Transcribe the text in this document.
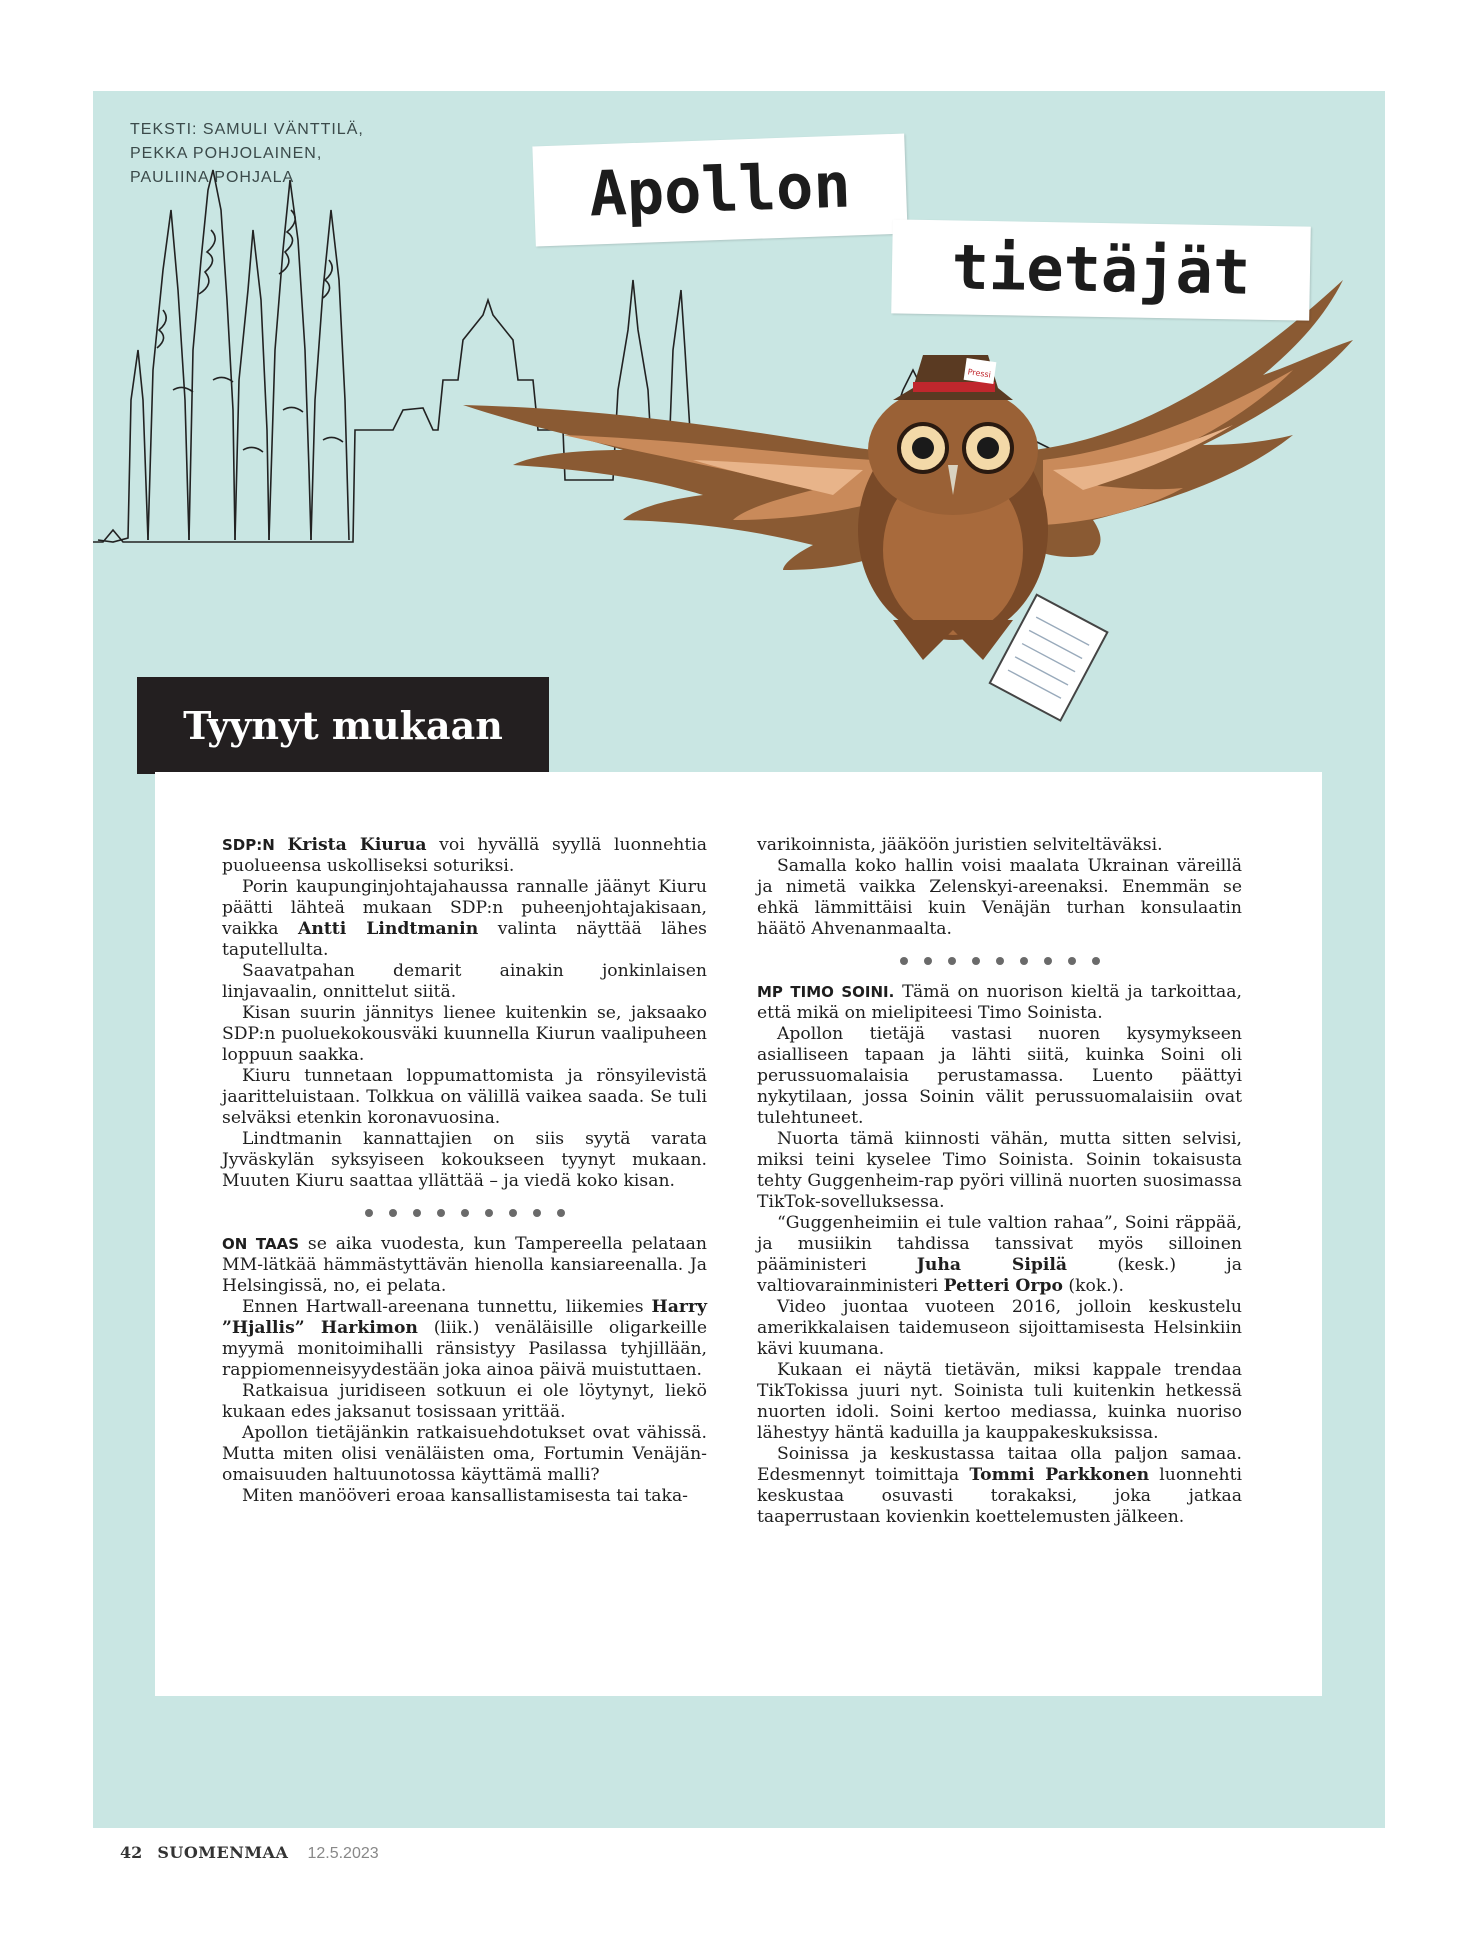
TEKSTI: SAMULI VÄNTTILÄ,
PEKKA POHJOLAINEN,
PAULIINA POHJALA
Pressi
Apollon
tietäjät
Tyynyt mukaan

SDP:N Krista Kiurua voi hyvällä syyllä luonnehtia puolueensa uskolliseksi soturiksi.

Porin kaupunginjohtajahaussa rannalle jäänyt Kiuru päätti lähteä mukaan SDP:n puheenjohtajakisaan, vaikka Antti Lindtmanin valinta näyttää lähes taputellulta.

Saavatpahan demarit ainakin jonkinlaisen linjavaalin, onnittelut siitä.

Kisan suurin jännitys lienee kuitenkin se, jaksaako SDP:n puoluekokousväki kuunnella Kiurun vaalipuheen loppuun saakka.

Kiuru tunnetaan loppumattomista ja rönsyilevistä jaaritteluistaan. Tolkkua on välillä vaikea saada. Se tuli selväksi etenkin koronavuosina.

Lindtmanin kannattajien on siis syytä varata Jyväskylän syksyiseen kokoukseen tyynyt mukaan. Muuten Kiuru saattaa yllättää – ja viedä koko kisan.

ON TAAS se aika vuodesta, kun Tampereella pelataan MM-lätkää hämmästyttävän hienolla kansiareenalla. Ja Helsingissä, no, ei pelata.

Ennen Hartwall-areenana tunnettu, liikemies Harry ”Hjallis” Harkimon (liik.) venäläisille oligarkeille myymä monitoimihalli ränsistyy Pasilassa tyhjillään, rappiomenneisyydestään joka ainoa päivä muistuttaen.

Ratkaisua juridiseen sotkuun ei ole löytynyt, liekö kukaan edes jaksanut tosissaan yrittää.

Apollon tietäjänkin ratkaisuehdotukset ovat vähissä. Mutta miten olisi venäläisten oma, Fortumin Venäjän-omaisuuden haltuunotossa käyttämä malli?

Miten manööveri eroaa kansallistamisesta tai taka-

varikoinnista, jääköön juristien selviteltäväksi.

Samalla koko hallin voisi maalata Ukrainan väreillä ja nimetä vaikka Zelenskyi-areenaksi. Enemmän se ehkä lämmittäisi kuin Venäjän turhan konsulaatin häätö Ahvenanmaalta.

MP TIMO SOINI. Tämä on nuorison kieltä ja tarkoittaa, että mikä on mielipiteesi Timo Soinista.

Apollon tietäjä vastasi nuoren kysymykseen asialliseen tapaan ja lähti siitä, kuinka Soini oli perussuomalaisia perustamassa. Luento päättyi nykytilaan, jossa Soinin välit perussuomalaisiin ovat tulehtuneet.

Nuorta tämä kiinnosti vähän, mutta sitten selvisi, miksi teini kyselee Timo Soinista. Soinin tokaisusta tehty Guggenheim-rap pyöri villinä nuorten suosimassa TikTok-sovelluksessa.

“Guggenheimiin ei tule valtion rahaa”, Soini räppää, ja musiikin tahdissa tanssivat myös silloinen pääministeri Juha Sipilä (kesk.) ja valtiovarainministeri Petteri Orpo (kok.).

Video juontaa vuoteen 2016, jolloin keskustelu amerikkalaisen taidemuseon sijoittamisesta Helsinkiin kävi kuumana.

Kukaan ei näytä tietävän, miksi kappale trendaa TikTokissa juuri nyt. Soinista tuli kuitenkin hetkessä nuorten idoli. Soini kertoo mediassa, kuinka nuoriso lähestyy häntä kaduilla ja kauppakeskuksissa.

Soinissa ja keskustassa taitaa olla paljon samaa. Edesmennyt toimittaja Tommi Parkkonen luonnehti keskustaa osuvasti torakaksi, joka jatkaa taaperrustaan kovienkin koettelemusten jälkeen.

42 SUOMENMAA 12.5.2023
